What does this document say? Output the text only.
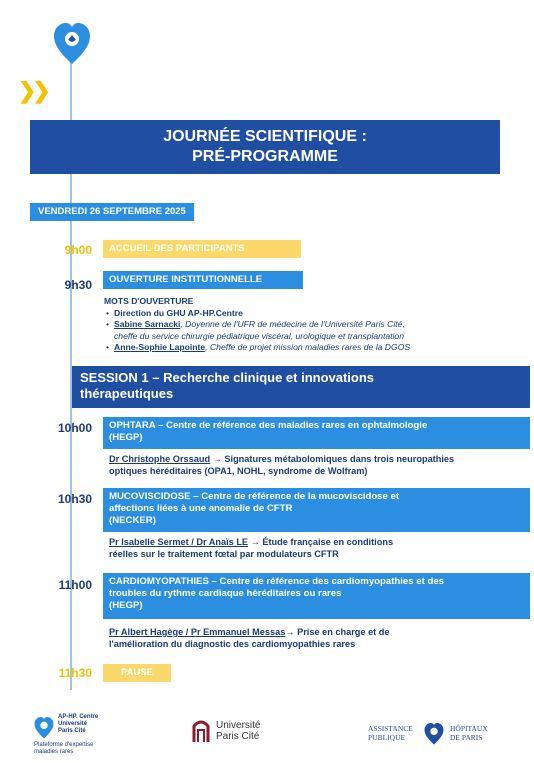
❯❯
JOURNÉE SCIENTIFIQUE :
PRÉ-PROGRAMME
VENDREDI 26 SEPTEMBRE 2025
9h00	ACCUEIL DES PARTICIPANTS
9h30	OUVERTURE INSTITUTIONNELLE
MOTS D'OUVERTURE
• Direction du GHU AP-HP.Centre
• Sabine Sarnacki, Doyenne de l'UFR de médecine de l'Université Paris Cité,
cheffe du service chirurgie pédiatrique viscéral, urologique et transplantation
• Anne-Sophie Lapointe, Cheffe de projet mission maladies rares de la DGOS
SESSION 1 – Recherche clinique et innovations
thérapeutiques
10h00 OPHTARA – Centre de référence des maladies rares en ophtalmologie
(HEGP)
Dr Christophe Orssaud → Signatures métabolomiques dans trois neuropathies
optiques héréditaires (OPA1, NOHL, syndrome de Wolfram)
10h30 MUCOVISCIDOSE – Centre de référence de la mucoviscidose et
affections liées à une anomalie de CFTR
(NECKER)
Pr Isabelle Sermet / Dr Anaïs LE → Étude française en conditions
réelles sur le traitement fœtal par modulateurs CFTR
11h00 CARDIOMYOPATHIES – Centre de référence des cardiomyopathies et des
troubles du rythme cardiaque héréditaires ou rares
(HEGP)
Pr Albert Hagège / Pr Emmanuel Messas→ Prise en charge et de
l'amélioration du diagnostic des cardiomyopathies rares
11h30	PAUSE
AP-HP. Centre
Université
Paris Cité
Plateforme d'expertise
maladies rares
Université
Paris Cité
ASSISTANCE
PUBLIQUE
HÔPITAUX
DE PARIS
